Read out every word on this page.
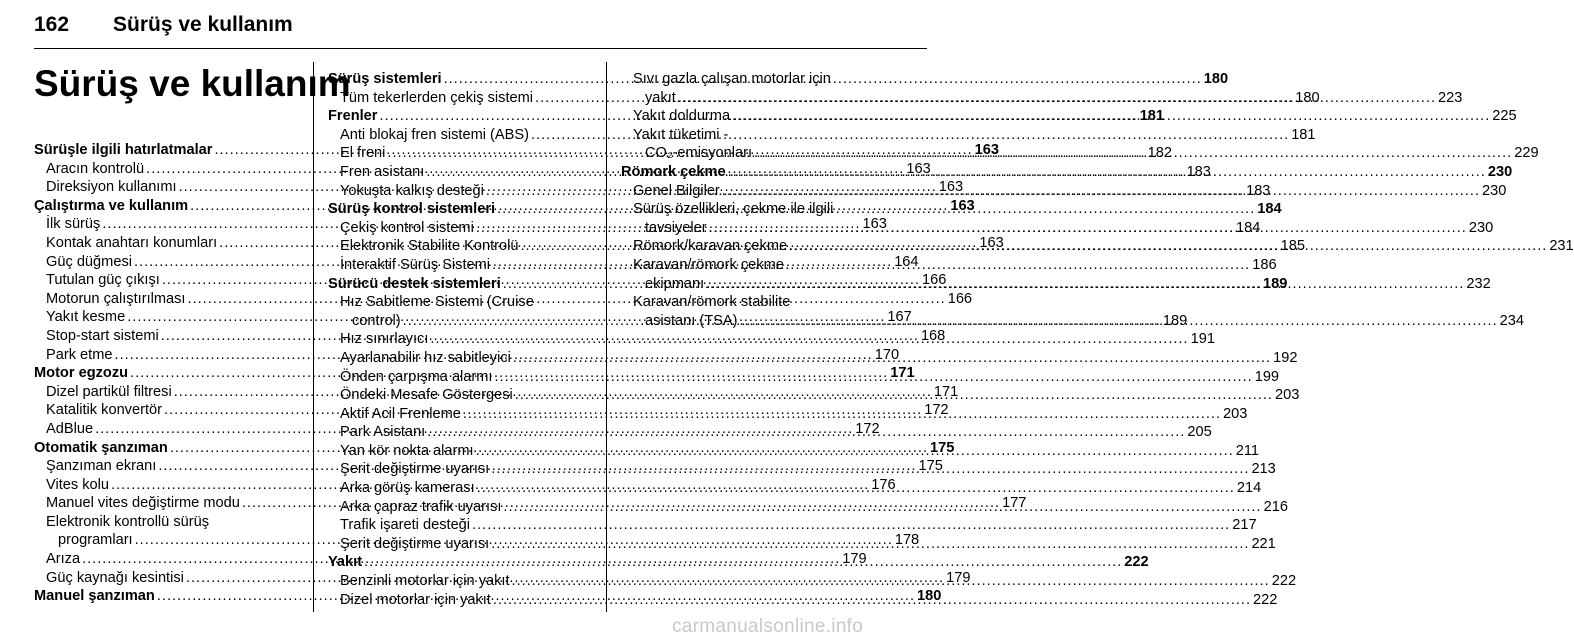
162 Sürüş ve kullanım
Sürüş ve kullanım
Sürüşle ilgili hatırlatmalar .....	163
Aracın kontrolü .....	163
Direksiyon kullanımı .....	163
Çalıştırma ve kullanım .....	163
İlk sürüş .....	163
Kontak anahtarı konumları .....	163
Güç düğmesi .....	164
Tutulan güç çıkışı .....	166
Motorun çalıştırılması .....	166
Yakıt kesme .....	167
Stop-start sistemi .....	168
Park etme .....	170
Motor egzozu .....	171
Dizel partikül filtresi .....	171
Katalitik konvertör .....	172
AdBlue .....	172
Otomatik şanzıman .....	175
Şanzıman ekranı .....	175
Vites kolu .....	176
Manuel vites değiştirme modu .....	177
Elektronik kontrollü sürüş
programları .....	178
Arıza .....	179
Güç kaynağı kesintisi .....	179
Manuel şanzıman .....	180
Sürüş sistemleri .....	180
Tüm tekerlerden çekiş sistemi .....	180
Frenler .....	181
Anti blokaj fren sistemi (ABS) .....	181
El freni .....	182
Fren asistanı .....	183
Yokuşta kalkış desteği .....	183
Sürüş kontrol sistemleri .....	184
Çekiş kontrol sistemi .....	184
Elektronik Stabilite Kontrolü .....	185
İnteraktif Sürüş Sistemi .....	186
Sürücü destek sistemleri .....	189
Hız Sabitleme Sistemi (Cruise
control) .....	189
Hız sınırlayıcı .....	191
Ayarlanabilir hız sabitleyici .....	192
Önden çarpışma alarmı .....	199
Öndeki Mesafe Göstergesi .....	203
Aktif Acil Frenleme .....	203
Park Asistanı .....	205
Yan kör nokta alarmı .....	211
Şerit değiştirme uyarısı .....	213
Arka görüş kamerası .....	214
Arka çapraz trafik uyarısı .....	216
Trafik işareti desteği .....	217
Şerit değiştirme uyarısı .....	221
Yakıt .....	222
Benzinli motorlar için yakıt .....	222
Dizel motorlar için yakıt .....	222
Sıvı gazla çalışan motorlar için
yakıt .....	223
Yakıt doldurma .....	225
Yakıt tüketimi -
CO₂-emisyonları .....	229
Römork çekme .....	230
Genel Bilgiler .....	230
Sürüş özellikleri, çekme ile ilgili
tavsiyeler .....	230
Römork/karavan çekme .....	231
Karavan/römork çekme
ekipmanı .....	232
Karavan/römork stabilite
asistanı (TSA) .....	234
carmanualsonline.info
